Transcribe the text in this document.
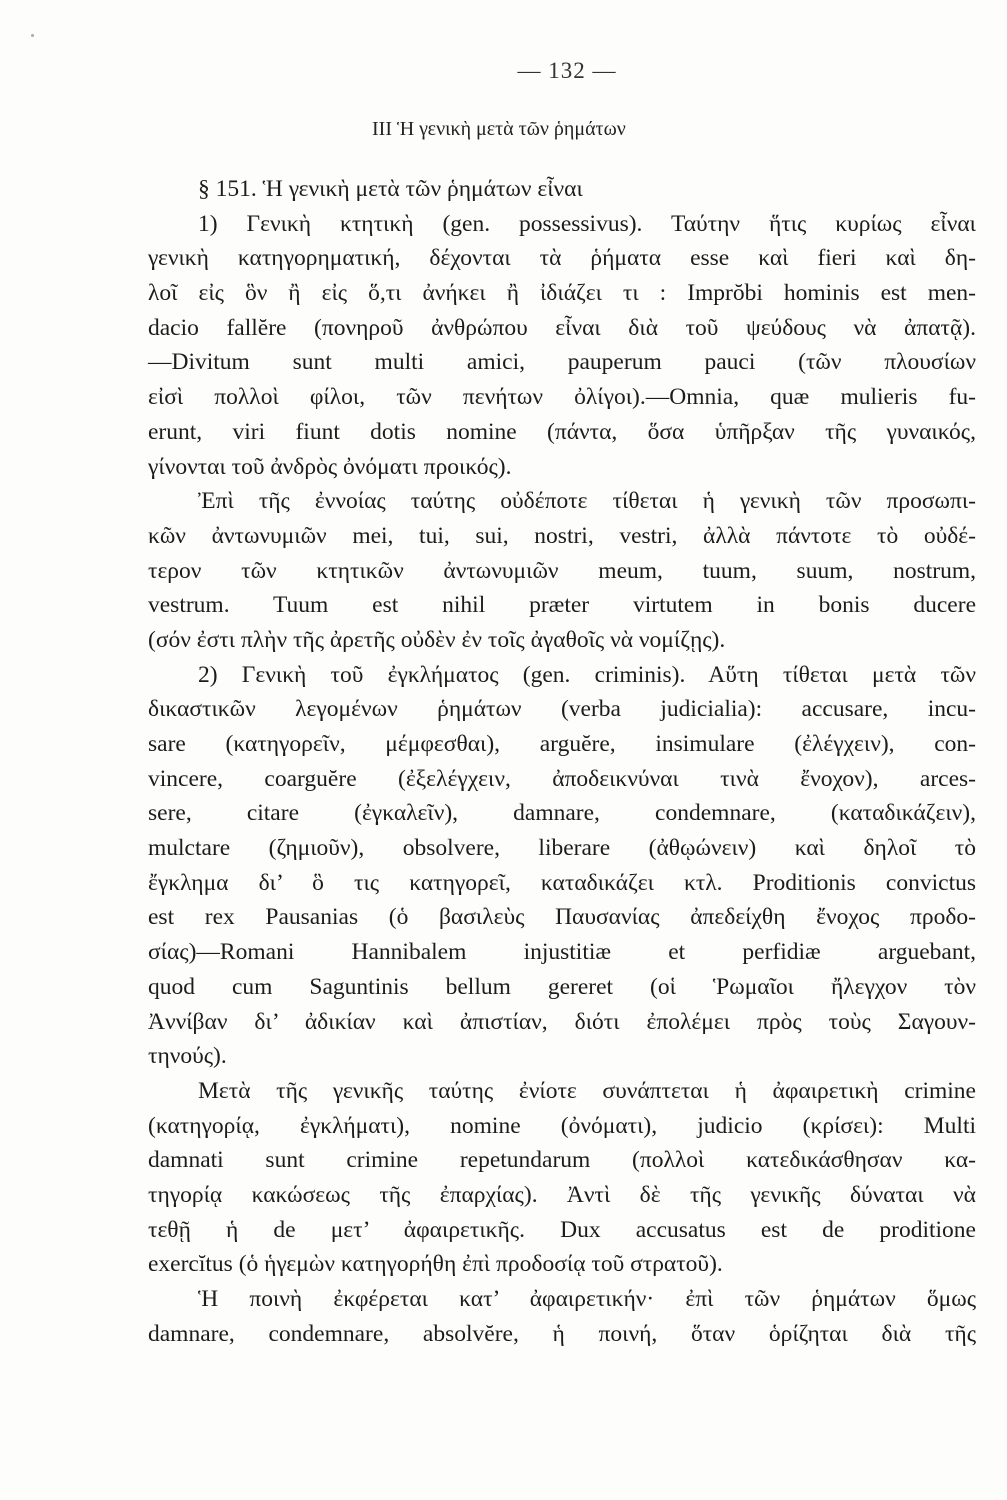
— 132 —
III Ἡ γενικὴ μετὰ τῶν ῥημάτων
§ 151. Ἡ γενικὴ μετὰ τῶν ῥημάτων εἶναι
1) Γενικὴ κτητικὴ (gen. possessivus). Ταύτην ἥτις κυρίως εἶναι
γενικὴ κατηγορηματική, δέχονται τὰ ῥήματα esse καὶ fieri καὶ δη-
λοῖ εἰς ὃν ἢ εἰς ὅ,τι ἀνήκει ἢ ἰδιάζει τι : Imprŏbi hominis est men-
dacio fallĕre (πονηροῦ ἀνθρώπου εἶναι διὰ τοῦ ψεύδους νὰ ἀπατᾷ).
—Divitum sunt multi amici, pauperum pauci (τῶν πλουσίων
εἰσὶ πολλοὶ φίλοι, τῶν πενήτων ὀλίγοι).—Omnia, quæ mulieris fu-
erunt, viri fiunt dotis nomine (πάντα, ὅσα ὑπῆρξαν τῆς γυναικός,
γίνονται τοῦ ἀνδρὸς ὀνόματι προικός).
Ἐπὶ τῆς ἐννοίας ταύτης οὐδέποτε τίθεται ἡ γενικὴ τῶν προσωπι-
κῶν ἀντωνυμιῶν mei, tui, sui, nostri, vestri, ἀλλὰ πάντοτε τὸ οὐδέ-
τερον τῶν κτητικῶν ἀντωνυμιῶν meum, tuum, suum, nostrum,
vestrum. Tuum est nihil præter virtutem in bonis ducere
(σόν ἐστι πλὴν τῆς ἀρετῆς οὐδὲν ἐν τοῖς ἀγαθοῖς νὰ νομίζῃς).
2) Γενικὴ τοῦ ἐγκλήματος (gen. criminis). Αὕτη τίθεται μετὰ τῶν
δικαστικῶν λεγομένων ῥημάτων (verba judicialia): accusare, incu-
sare (κατηγορεῖν, μέμφεσθαι), arguĕre, insimulare (ἐλέγχειν), con-
vincere, coarguĕre (ἐξελέγχειν, ἀποδεικνύναι τινὰ ἔνοχον), arces-
sere, citare (ἐγκαλεῖν), damnare, condemnare, (καταδικάζειν),
mulctare (ζημιοῦν), obsolvere, liberare (ἀθῳώνειν) καὶ δηλοῖ τὸ
ἔγκλημα δι’ ὃ τις κατηγορεῖ, καταδικάζει κτλ. Proditionis convictus
est rex Pausanias (ὁ βασιλεὺς Παυσανίας ἀπεδείχθη ἔνοχος προδο-
σίας)—Romani Hannibalem injustitiæ et perfidiæ arguebant,
quod cum Saguntinis bellum gereret (οἱ Ῥωμαῖοι ἤλεγχον τὸν
Ἀννίβαν δι’ ἀδικίαν καὶ ἀπιστίαν, διότι ἐπολέμει πρὸς τοὺς Σαγουν-
τηνούς).
Μετὰ τῆς γενικῆς ταύτης ἐνίοτε συνάπτεται ἡ ἀφαιρετικὴ crimine
(κατηγορίᾳ, ἐγκλήματι), nomine (ὀνόματι), judicio (κρίσει): Multi
damnati sunt crimine repetundarum (πολλοὶ κατεδικάσθησαν κα-
τηγορίᾳ κακώσεως τῆς ἐπαρχίας). Ἀντὶ δὲ τῆς γενικῆς δύναται νὰ
τεθῇ ἡ de μετ’ ἀφαιρετικῆς. Dux accusatus est de proditione
exercĭtus (ὁ ἡγεμὼν κατηγορήθη ἐπὶ προδοσίᾳ τοῦ στρατοῦ).
Ἡ ποινὴ ἐκφέρεται κατ’ ἀφαιρετικήν· ἐπὶ τῶν ῥημάτων ὅμως
damnare, condemnare, absolvĕre, ἡ ποινή, ὅταν ὁρίζηται διὰ τῆς
